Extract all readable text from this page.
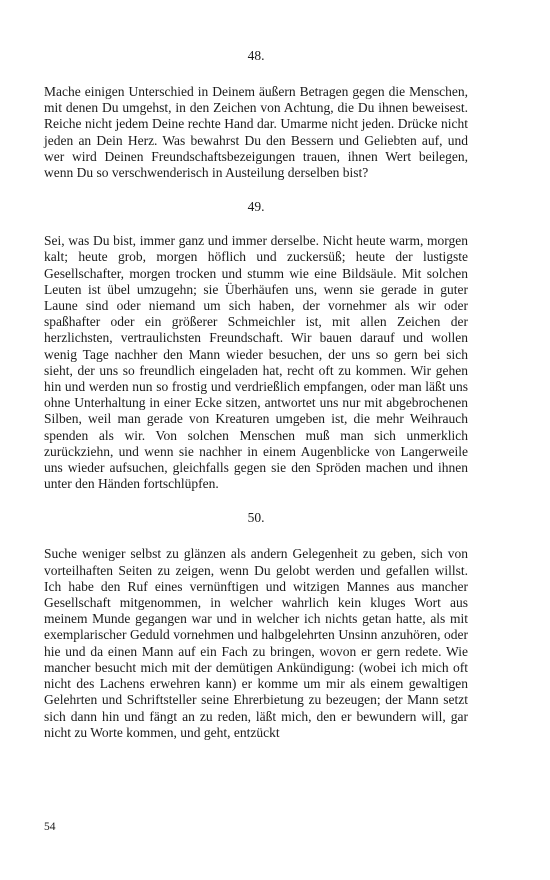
48.

Mache einigen Unterschied in Deinem äußern Betragen gegen die Menschen, mit denen Du umgehst, in den Zeichen von Achtung, die Du ihnen beweisest. Reiche nicht jedem Deine rechte Hand dar. Umarme nicht jeden. Drücke nicht jeden an Dein Herz. Was bewahrst Du den Bessern und Geliebten auf, und wer wird Deinen Freundschaftsbezeigungen trauen, ihnen Wert beilegen, wenn Du so verschwenderisch in Austeilung derselben bist?

49.

Sei, was Du bist, immer ganz und immer derselbe. Nicht heute warm, morgen kalt; heute grob, morgen höflich und zuckersüß; heute der lustigste Gesellschafter, morgen trocken und stumm wie eine Bildsäule. Mit solchen Leuten ist übel umzugehn; sie Überhäufen uns, wenn sie gerade in guter Laune sind oder niemand um sich haben, der vornehmer als wir oder spaßhafter oder ein größerer Schmeichler ist, mit allen Zeichen der herzlichsten, vertraulichsten Freundschaft. Wir bauen darauf und wollen wenig Tage nachher den Mann wieder besuchen, der uns so gern bei sich sieht, der uns so freundlich eingeladen hat, recht oft zu kommen. Wir gehen hin und werden nun so frostig und verdrießlich empfangen, oder man läßt uns ohne Unterhaltung in einer Ecke sitzen, antwortet uns nur mit abgebrochenen Silben, weil man gerade von Kreaturen umgeben ist, die mehr Weihrauch spenden als wir. Von solchen Menschen muß man sich unmerklich zurückziehn, und wenn sie nachher in einem Augenblicke von Langerweile uns wieder aufsuchen, gleichfalls gegen sie den Spröden machen und ihnen unter den Händen fortschlüpfen.

50.

Suche weniger selbst zu glänzen als andern Gelegenheit zu geben, sich von vorteilhaften Seiten zu zeigen, wenn Du gelobt werden und gefallen willst. Ich habe den Ruf eines vernünftigen und witzigen Mannes aus mancher Gesellschaft mitgenommen, in welcher wahrlich kein kluges Wort aus meinem Munde gegangen war und in welcher ich nichts getan hatte, als mit exemplarischer Geduld vornehmen und halbgelehrten Unsinn anzuhören, oder hie und da einen Mann auf ein Fach zu bringen, wovon er gern redete. Wie mancher besucht mich mit der demütigen Ankündigung: (wobei ich mich oft nicht des Lachens erwehren kann) er komme um mir als einem gewaltigen Gelehrten und Schriftsteller seine Ehrerbietung zu bezeugen; der Mann setzt sich dann hin und fängt an zu reden, läßt mich, den er bewundern will, gar nicht zu Worte kommen, und geht, entzückt

54
